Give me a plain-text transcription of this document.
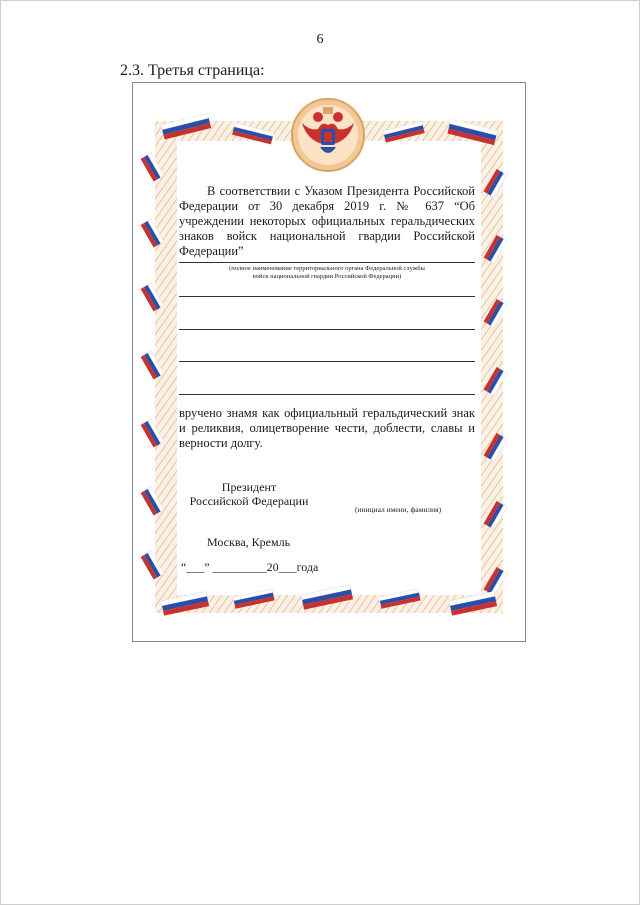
6
2.3. Третья страница:
В соответствии с Указом Президента Российской Федерации от 30 декабря 2019 г. № 637 “Об учреждении некоторых официальных геральдических знаков войск национальной гвардии Российской Федерации”
(полное наименование территориального органа Федеральной службы
войск национальной гвардии Российской Федерации)
вручено знамя как официальный геральдический знак и реликвия, олицетворение чести, доблести, славы и верности долгу.
Президент
Российской Федерации
(инициал имени, фамилия)
Москва, Кремль
“___” _________20___года
